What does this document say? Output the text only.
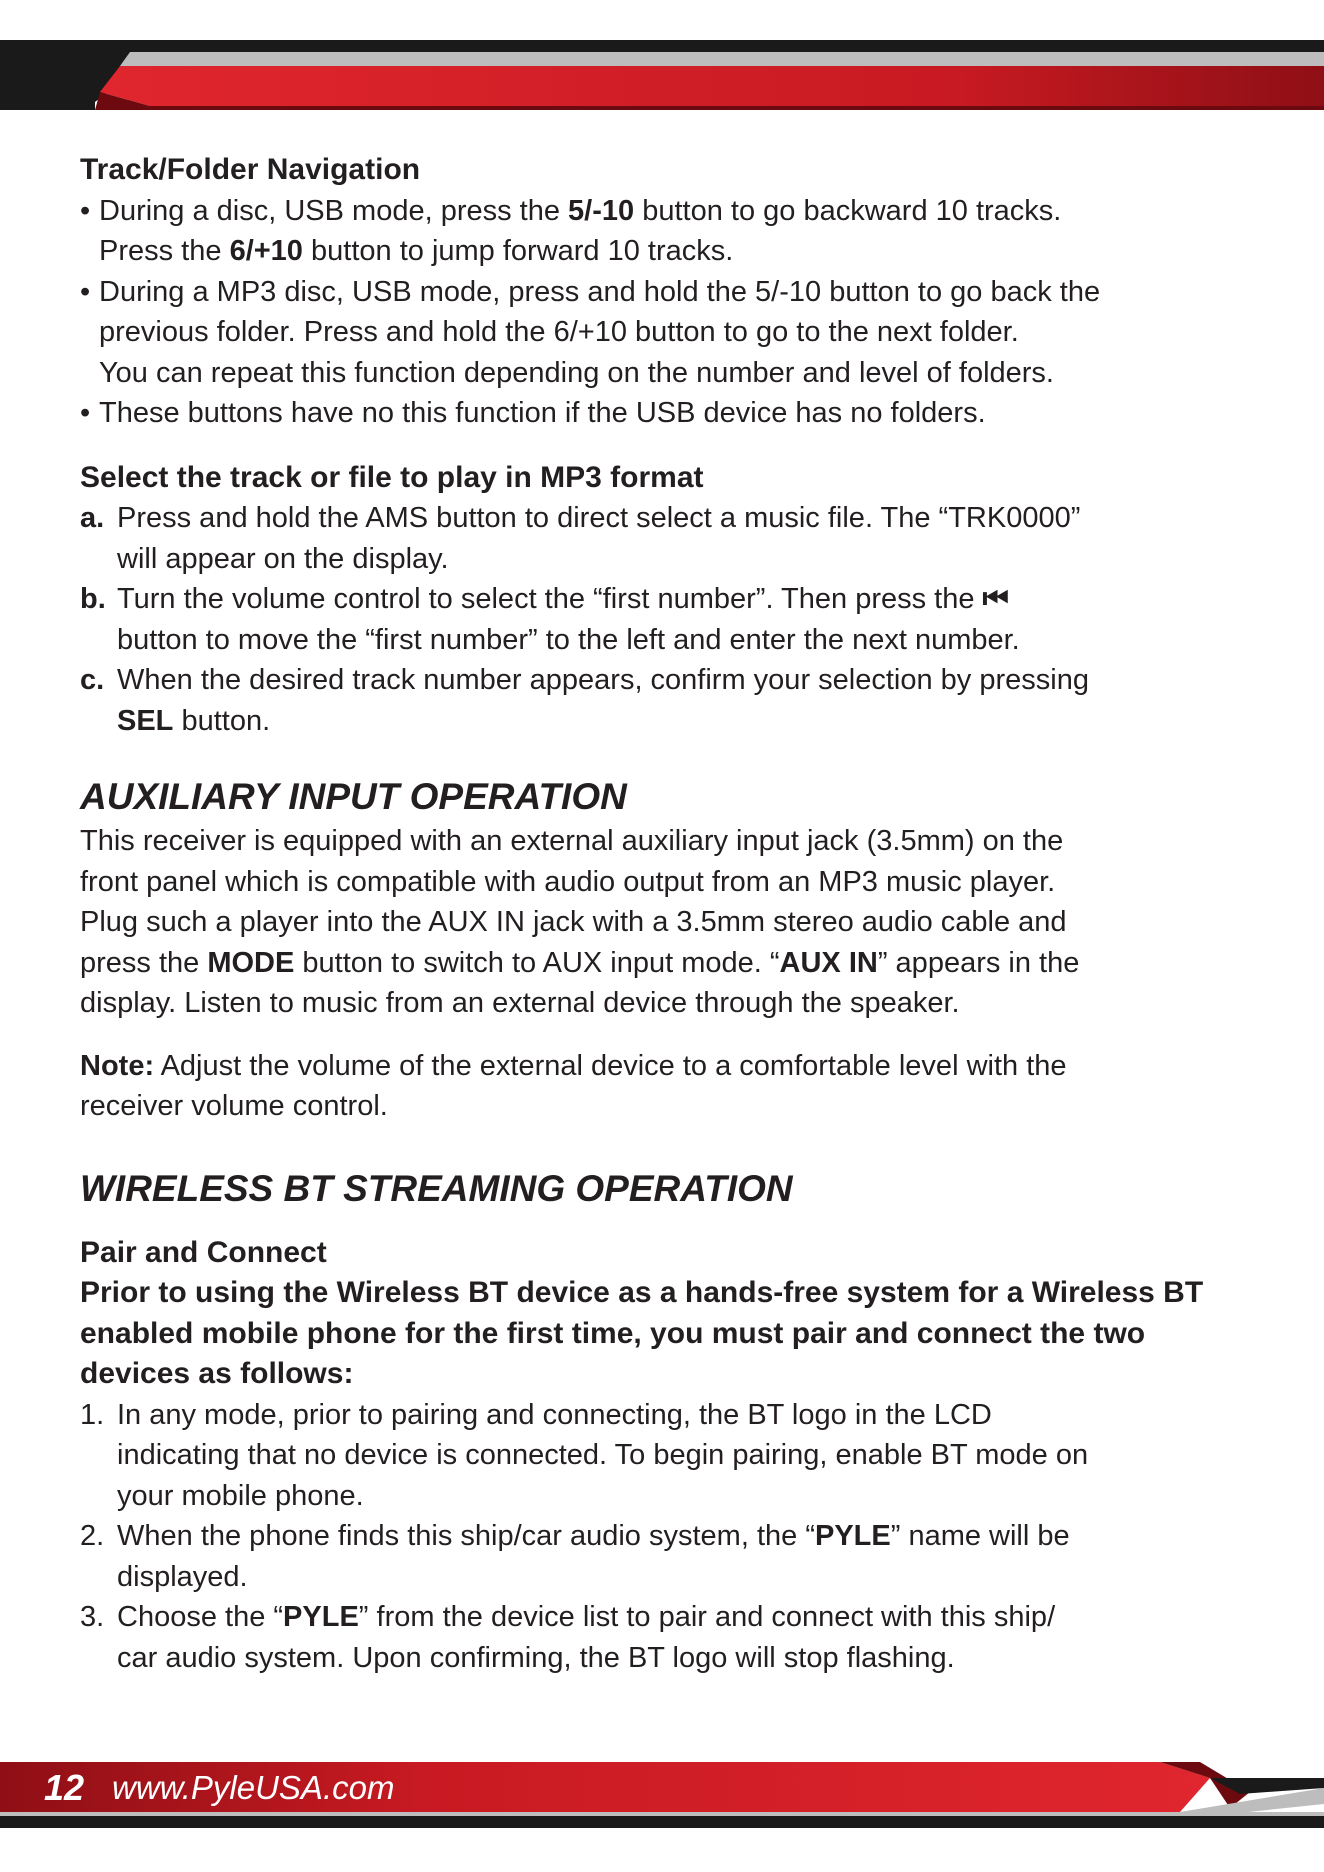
Track/Folder Navigation
• During a disc, USB mode, press the 5/-10 button to go backward 10 tracks.
Press the 6/+10 button to jump forward 10 tracks.
• During a MP3 disc, USB mode, press and hold the 5/-10 button to go back the
previous folder. Press and hold the 6/+10 button to go to the next folder.
You can repeat this function depending on the number and level of folders.
• These buttons have no this function if the USB device has no folders.
Select the track or file to play in MP3 format
a. Press and hold the AMS button to direct select a music file. The “TRK0000”
will appear on the display.
b. Turn the volume control to select the “first number”. Then press the ⏮
button to move the “first number” to the left and enter the next number.
c. When the desired track number appears, confirm your selection by pressing
SEL button.
AUXILIARY INPUT OPERATION
This receiver is equipped with an external auxiliary input jack (3.5mm) on the
front panel which is compatible with audio output from an MP3 music player.
Plug such a player into the AUX IN jack with a 3.5mm stereo audio cable and
press the MODE button to switch to AUX input mode. “AUX IN” appears in the
display. Listen to music from an external device through the speaker.
Note: Adjust the volume of the external device to a comfortable level with the
receiver volume control.
WIRELESS BT STREAMING OPERATION
Pair and Connect
Prior to using the Wireless BT device as a hands-free system for a Wireless BT
enabled mobile phone for the first time, you must pair and connect the two
devices as follows:
1. In any mode, prior to pairing and connecting, the BT logo in the LCD
indicating that no device is connected. To begin pairing, enable BT mode on
your mobile phone.
2. When the phone finds this ship/car audio system, the “PYLE” name will be
displayed.
3. Choose the “PYLE” from the device list to pair and connect with this ship/
car audio system. Upon confirming, the BT logo will stop flashing.
12 www.PyleUSA.com
